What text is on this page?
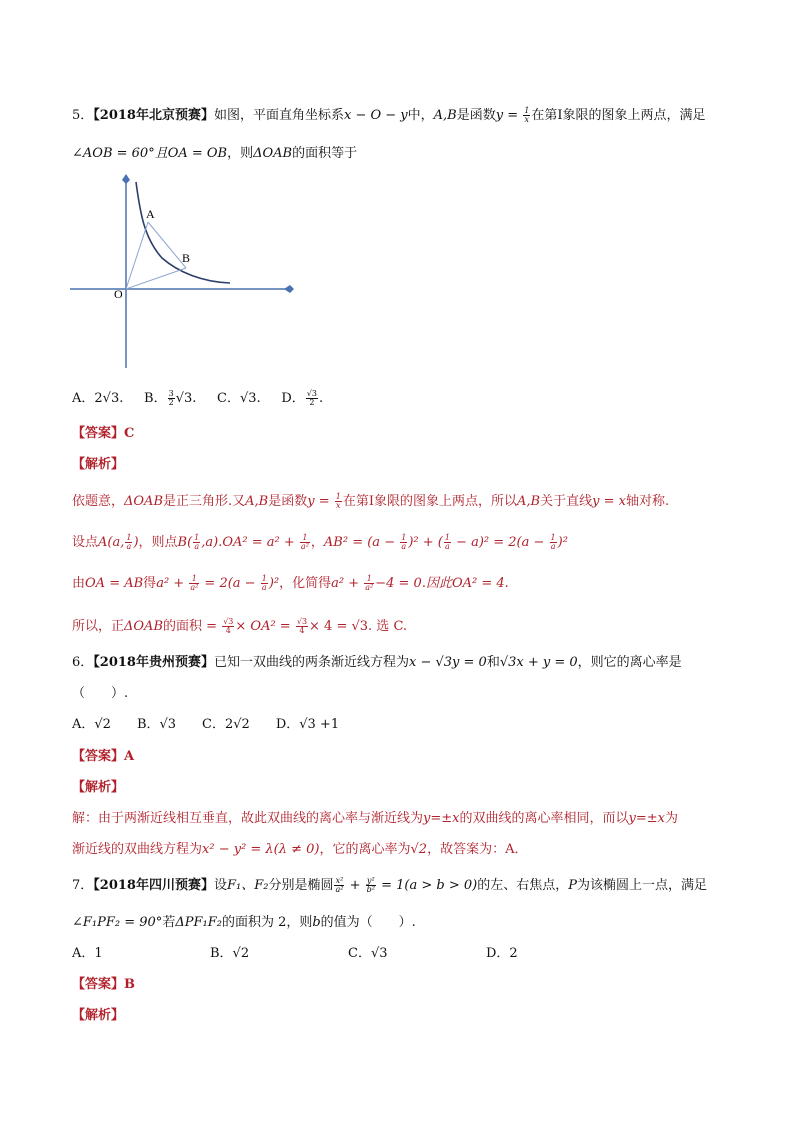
5．【2018年北京预赛】如图，平面直角坐标系x − O − y中，A,B是函数$y = \frac{1}{x}$ 在第Ⅰ象限的图象上两点，满足
∠AOB = 60°且OA = OB，则ΔOAB的面积等于
A
B
O
A．2√3. B． $\frac{3}{2} √3$. C．√3. D． $\frac{√3}{2}$ .
【答案】C
【解析】
依题意，ΔOAB是正三角形.又A,B是函数$y = \frac{1}{x}$ 在第Ⅰ象限的图象上两点，所以A,B关于直线y = x轴对称.
设点A(a, $\frac{1}{a}$ )，则点$B( \frac{1}{a} ,a).OA^2 = a^2 + \frac{1}{\text{a²}}$ ，$AB^2 = (a - \frac{1}{a} )^2$ + ( $\frac{1}{a} - a)^2 = 2(a - \frac{1}{a} )^2$
由OA = AB得$a^2 + \frac{1}{\text{a²}} = 2(a - \frac{1}{a} )^2$，化简得$a^2 + \frac{1}{\text{a²}} -4 = 0$.因此OA² = 4.
所以，正ΔOAB的面积 = $\frac{√3}{4} \times OA^2 = \frac{√3}{4} \times 4 = √3$. 选 C.
6．【2018年贵州预赛】已知一双曲线的两条渐近线方程为x − √3y = 0和√3x + y = 0，则它的离心率是
（　　）.
A．√2　　B．√3　　C．2√2　　D．√3 +1
【答案】A
【解析】
解：由于两渐近线相互垂直，故此双曲线的离心率与渐近线为y=±x的双曲线的离心率相同，而以y=±x为
渐近线的双曲线方程为x² − y² = λ(λ ≠ 0)，它的离心率为√2，故答案为：A．
7．【2018年四川预赛】设F₁、F₂分别是椭圆 $\frac{\text{x²}}{\text{a²}} + \frac{\text{y²}}{\text{b²}} = 1(a > b > 0)$的左、右焦点，P为该椭圆上一点，满足
∠F₁PF₂ = 90°若ΔPF₁F₂的面积为 2，则b的值为（　　）.
A．1	B．√2	C．√3	D．2
【答案】B
【解析】
